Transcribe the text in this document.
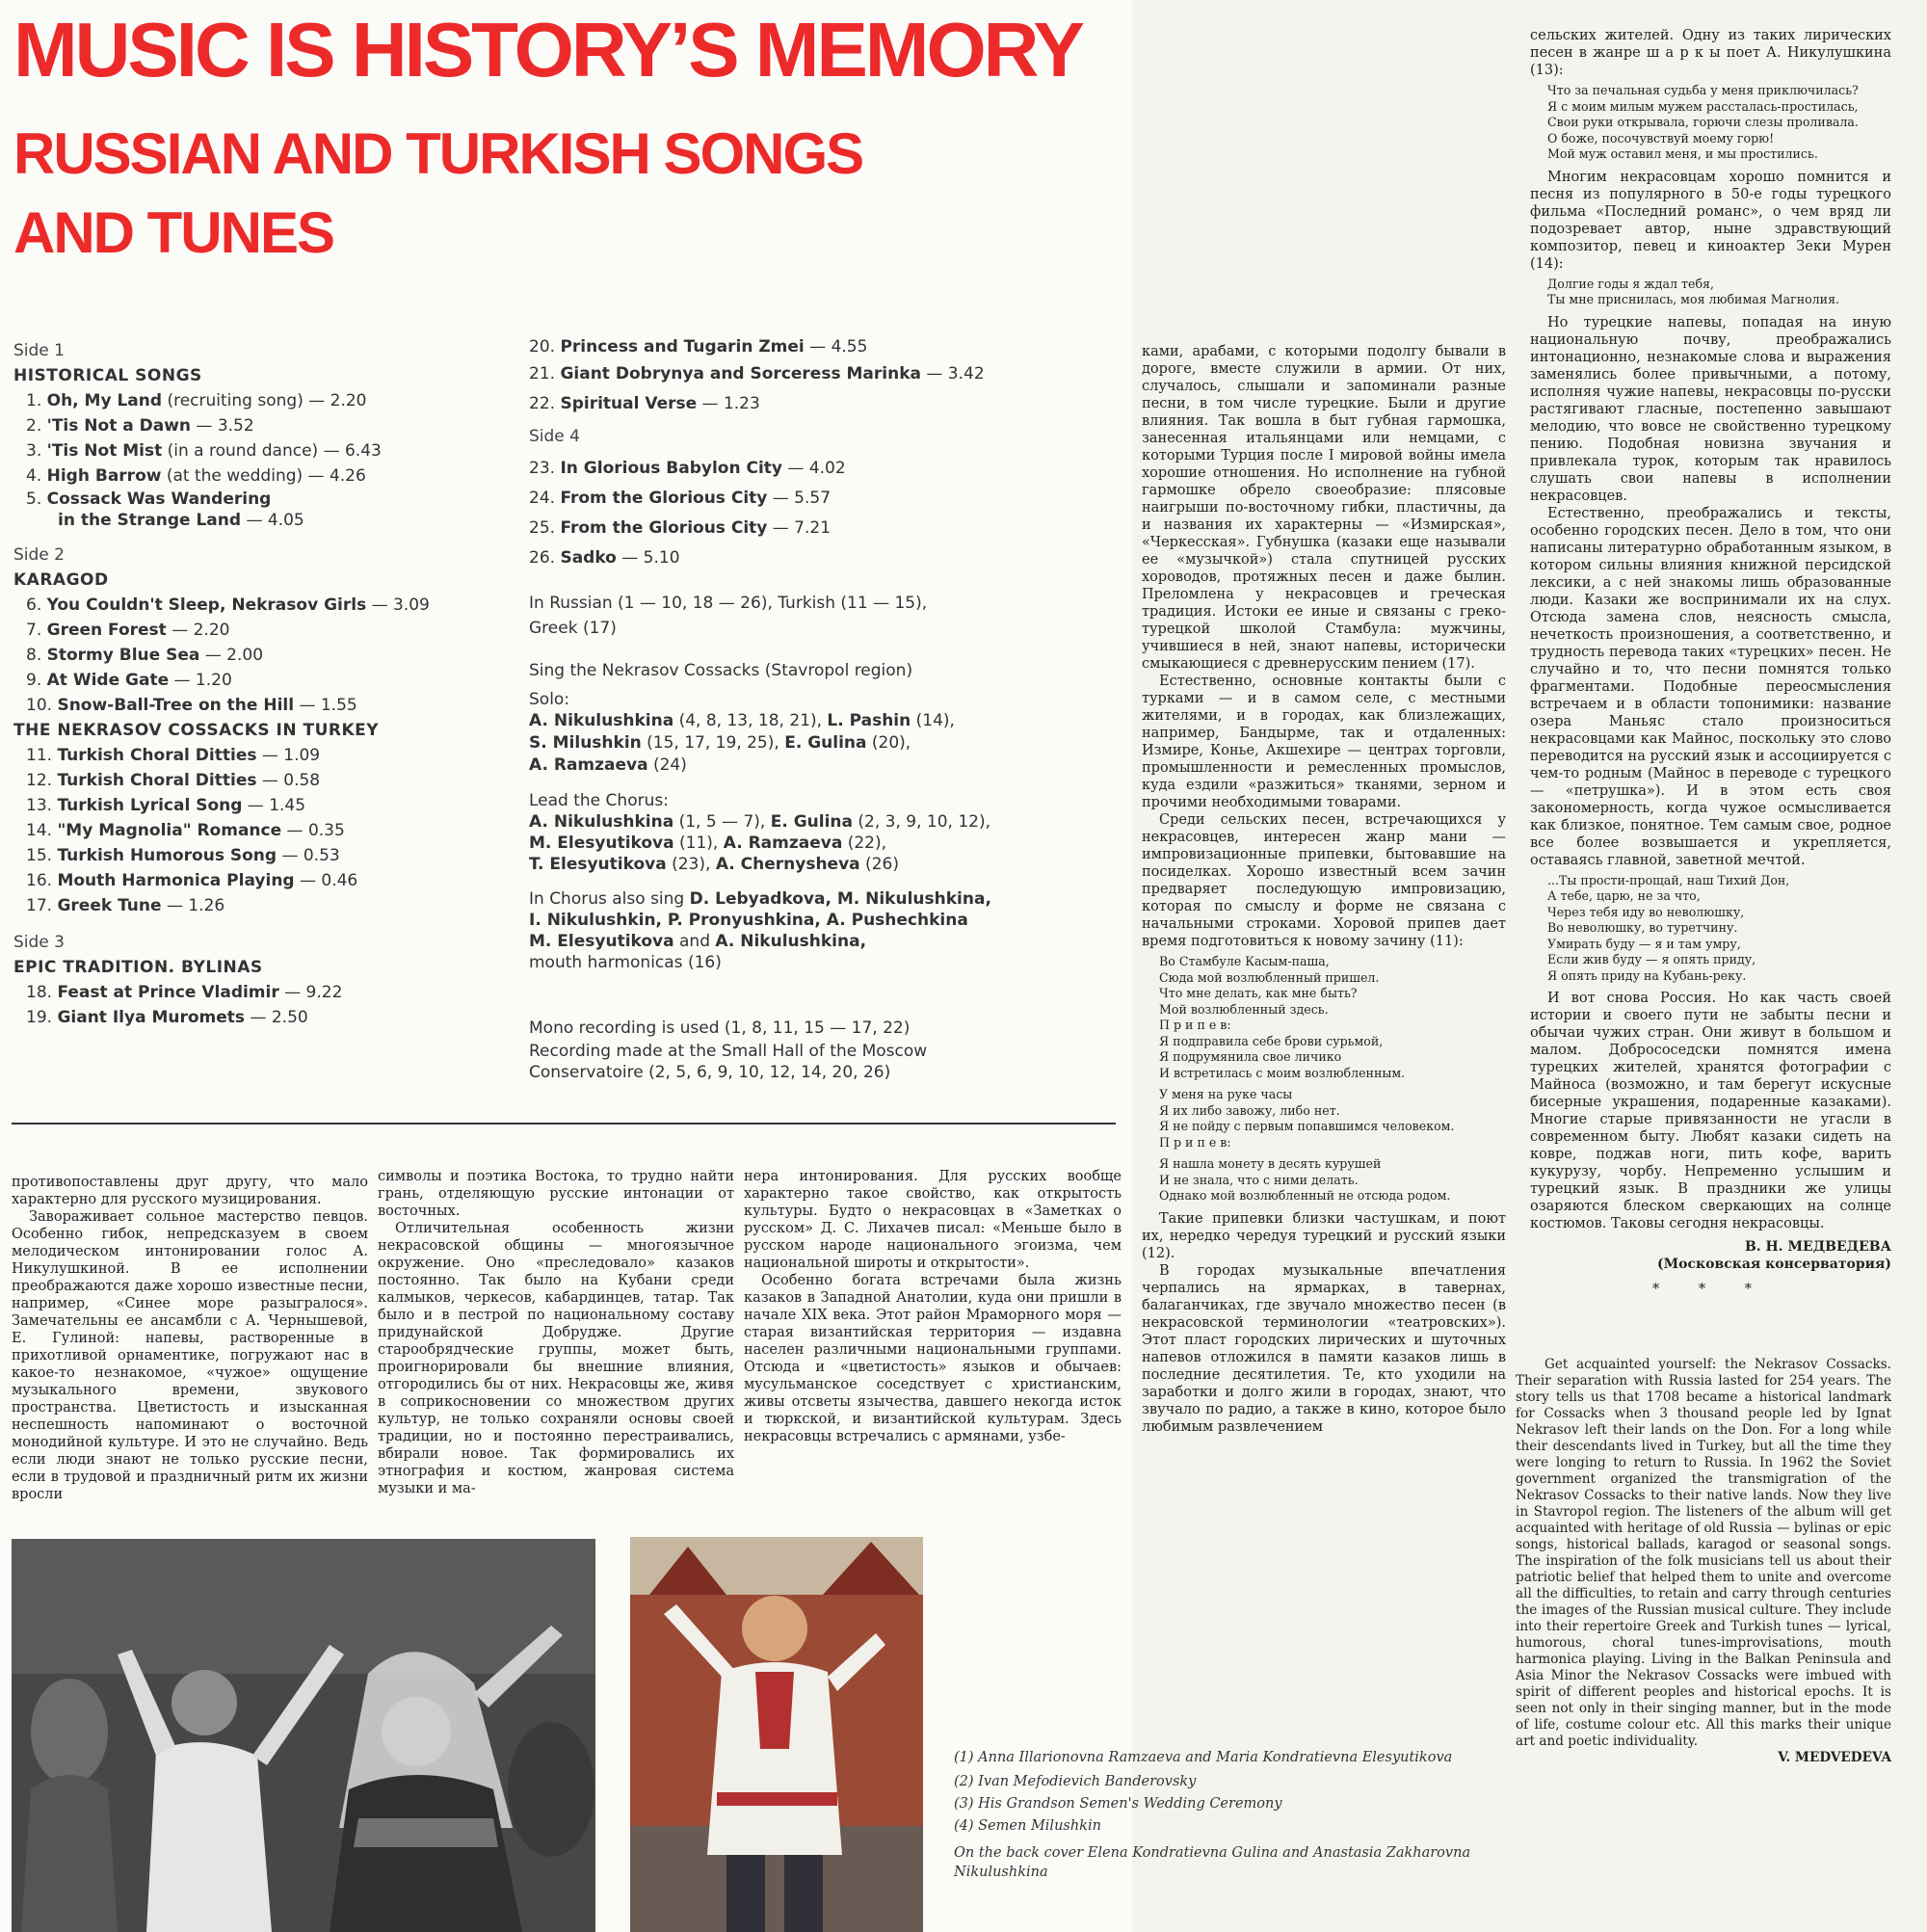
MUSIC IS HISTORY’S MEMORY
RUSSIAN AND TURKISH SONGS
AND TUNES
Side 1
HISTORICAL SONGS
1. Oh, My Land (recruiting song) — 2.20
2. 'Tis Not a Dawn — 3.52
3. 'Tis Not Mist (in a round dance) — 6.43
4. High Barrow (at the wedding) — 4.26
5. Cossack Was Wandering
in the Strange Land — 4.05
Side 2
KARAGOD
6. You Couldn't Sleep, Nekrasov Girls — 3.09
7. Green Forest — 2.20
8. Stormy Blue Sea — 2.00
9. At Wide Gate — 1.20
10. Snow-Ball-Tree on the Hill — 1.55
THE NEKRASOV COSSACKS IN TURKEY
11. Turkish Choral Ditties — 1.09
12. Turkish Choral Ditties — 0.58
13. Turkish Lyrical Song — 1.45
14. "My Magnolia" Romance — 0.35
15. Turkish Humorous Song — 0.53
16. Mouth Harmonica Playing — 0.46
17. Greek Tune — 1.26
Side 3
EPIC TRADITION. BYLINAS
18. Feast at Prince Vladimir — 9.22
19. Giant Ilya Muromets — 2.50
20. Princess and Tugarin Zmei — 4.55
21. Giant Dobrynya and Sorceress Marinka — 3.42
22. Spiritual Verse — 1.23
Side 4
23. In Glorious Babylon City — 4.02
24. From the Glorious City — 5.57
25. From the Glorious City — 7.21
26. Sadko — 5.10
In Russian (1 — 10, 18 — 26), Turkish (11 — 15),
Greek (17)
Sing the Nekrasov Cossacks (Stavropol region)
Solo:
A. Nikulushkina (4, 8, 13, 18, 21), L. Pashin (14),
S. Milushkin (15, 17, 19, 25), E. Gulina (20),
A. Ramzaeva (24)
Lead the Chorus:
A. Nikulushkina (1, 5 — 7), E. Gulina (2, 3, 9, 10, 12),
M. Elesyutikova (11), A. Ramzaeva (22),
T. Elesyutikova (23), A. Chernysheva (26)
In Chorus also sing D. Lebyadkova, M. Nikulushkina,
I. Nikulushkin, P. Pronyushkina, A. Pushechkina
M. Elesyutikova and A. Nikulushkina,
mouth harmonicas (16)
Mono recording is used (1, 8, 11, 15 — 17, 22)
Recording made at the Small Hall of the Moscow
Conservatoire (2, 5, 6, 9, 10, 12, 14, 20, 26)

противопоставлены друг другу, что мало характерно для русского музицирования.

Завораживает сольное мастерство певцов. Особенно гибок, непредсказуем в своем мелодическом интонировании голос А. Никулушкиной. В ее исполнении преображаются даже хорошо известные песни, например, «Синее море разыгралося». Замечательны ее ансамбли с А. Чернышевой, Е. Гулиной: напевы, растворенные в прихотливой орнаментике, погружают нас в какое-то незнакомое, «чужое» ощущение музыкального времени, звукового пространства. Цветистость и изысканная неспешность напоминают о восточной монодийной культуре. И это не случайно. Ведь если люди знают не только русские песни, если в трудовой и праздничный ритм их жизни вросли

символы и поэтика Востока, то трудно найти грань, отделяющую русские интонации от восточных.

Отличительная особенность жизни некрасовской общины — многоязычное окружение. Оно «преследовало» казаков постоянно. Так было на Кубани среди калмыков, черкесов, кабардинцев, татар. Так было и в пестрой по национальному составу придунайской Добрудже. Другие старообрядческие группы, может быть, проигнорировали бы внешние влияния, отгородились бы от них. Некрасовцы же, живя в соприкосновении со множеством других культур, не только сохраняли основы своей традиции, но и постоянно перестраивались, вбирали новое. Так формировались их этнография и костюм, жанровая система музыки и ма-

нера интонирования. Для русских вообще характерно такое свойство, как открытость культуры. Будто о некрасовцах в «Заметках о русском» Д. С. Лихачев писал: «Меньше было в русском народе национального эгоизма, чем национальной широты и открытости».

Особенно богата встречами была жизнь казаков в Западной Анатолии, куда они пришли в начале XIX века. Этот район Мраморного моря — старая византийская территория — издавна населен различными национальными группами. Отсюда и «цветистость» языков и обычаев: мусульманское соседствует с христианским, живы отсветы язычества, давшего некогда исток и тюркской, и византийской культурам. Здесь некрасовцы встречались с армянами, узбе-

ками, арабами, с которыми подолгу бывали в дороге, вместе служили в армии. От них, случалось, слышали и запоминали разные песни, в том числе турецкие. Были и другие влияния. Так вошла в быт губная гармошка, занесенная итальянцами или немцами, с которыми Турция после I мировой войны имела хорошие отношения. Но исполнение на губной гармошке обрело своеобразие: плясовые наигрыши по-восточному гибки, пластичны, да и названия их характерны — «Измирская», «Черкесская». Губнушка (казаки еще называли ее «музычкой») стала спутницей русских хороводов, протяжных песен и даже былин. Преломлена у некрасовцев и греческая традиция. Истоки ее иные и связаны с греко-турецкой школой Стамбула: мужчины, учившиеся в ней, знают напевы, исторически смыкающиеся с древнерусским пением (17).

Естественно, основные контакты были с турками — и в самом селе, с местными жителями, и в городах, как близлежащих, например, Бандырме, так и отдаленных: Измире, Конье, Акшехире — центрах торговли, промышленности и ремесленных промыслов, куда ездили «разжиться» тканями, зерном и прочими необходимыми товарами.

Среди сельских песен, встречающихся у некрасовцев, интересен жанр мани — импровизационные припевки, бытовавшие на посиделках. Хорошо известный всем зачин предваряет последующую импровизацию, которая по смыслу и форме не связана с начальными строками. Хоровой припев дает время подготовиться к новому зачину (11):

Во Стамбуле Касым-паша,
Сюда мой возлюбленный пришел.
Что мне делать, как мне быть?
Мой возлюбленный здесь.
П р и п е в:
Я подправила себе брови сурьмой,
Я подрумянила свое личико
И встретилась с моим возлюбленным.
У меня на руке часы
Я их либо завожу, либо нет.
Я не пойду с первым попавшимся человеком.
П р и п е в:
Я нашла монету в десять курушей
И не знала, что с ними делать.
Однако мой возлюбленный не отсюда родом.

Такие припевки близки частушкам, и поют их, нередко чередуя турецкий и русский языки (12).

В городах музыкальные впечатления черпались на ярмарках, в тавернах, балаганчиках, где звучало множество песен (в некрасовской терминологии «театровских»). Этот пласт городских лирических и шуточных напевов отложился в памяти казаков лишь в последние десятилетия. Те, кто уходили на заработки и долго жили в городах, знают, что звучало по радио, а также в кино, которое было любимым развлечением

сельских жителей. Одну из таких лирических песен в жанре ш а р к ы поет А. Никулушкина (13):

Что за печальная судьба у меня приключилась?
Я с моим милым мужем рассталась-простилась,
Свои руки открывала, горючи слезы проливала.
О боже, посочувствуй моему горю!
Мой муж оставил меня, и мы простились.

Многим некрасовцам хорошо помнится и песня из популярного в 50-е годы турецкого фильма «Последний романс», о чем вряд ли подозревает автор, ныне здравствующий композитор, певец и киноактер Зеки Мурен (14):

Долгие годы я ждал тебя,
Ты мне приснилась, моя любимая Магнолия.

Но турецкие напевы, попадая на иную национальную почву, преображались интонационно, незнакомые слова и выражения заменялись более привычными, а потому, исполняя чужие напевы, некрасовцы по-русски растягивают гласные, постепенно завышают мелодию, что вовсе не свойственно турецкому пению. Подобная новизна звучания и привлекала турок, которым так нравилось слушать свои напевы в исполнении некрасовцев.

Естественно, преображались и тексты, особенно городских песен. Дело в том, что они написаны литературно обработанным языком, в котором сильны влияния книжной персидской лексики, а с ней знакомы лишь образованные люди. Казаки же воспринимали их на слух. Отсюда замена слов, неясность смысла, нечеткость произношения, а соответственно, и трудность перевода таких «турецких» песен. Не случайно и то, что песни помнятся только фрагментами. Подобные переосмысления встречаем и в области топонимики: название озера Маньяс стало произноситься некрасовцами как Майнос, поскольку это слово переводится на русский язык и ассоциируется с чем-то родным (Майнос в переводе с турецкого — «петрушка»). И в этом есть своя закономерность, когда чужое осмысливается как близкое, понятное. Тем самым свое, родное все более возвышается и укрепляется, оставаясь главной, заветной мечтой.

...Ты прости-прощай, наш Тихий Дон,
А тебе, царю, не за что,
Через тебя иду во неволюшку,
Во неволюшку, во туретчину.
Умирать буду — я и там умру,
Если жив буду — я опять приду,
Я опять приду на Кубань-реку.

И вот снова Россия. Но как часть своей истории и своего пути не забыты песни и обычаи чужих стран. Они живут в большом и малом. Добрососедски помнятся имена турецких жителей, хранятся фотографии с Майноса (возможно, и там берегут искусные бисерные украшения, подаренные казаками). Многие старые привязанности не угасли в современном быту. Любят казаки сидеть на ковре, поджав ноги, пить кофе, варить кукурузу, чорбу. Непременно услышим и турецкий язык. В праздники же улицы озаряются блеском сверкающих на солнце костюмов. Таковы сегодня некрасовцы.

В. Н. МЕДВЕДЕВА
(Московская консерватория)
* * *

Get acquainted yourself: the Nekrasov Cossacks. Their separation with Russia lasted for 254 years. The story tells us that 1708 became a historical landmark for Cossacks when 3 thousand people led by Ignat Nekrasov left their lands on the Don. For a long while their descendants lived in Turkey, but all the time they were longing to return to Russia. In 1962 the Soviet government organized the transmigration of the Nekrasov Cossacks to their native lands. Now they live in Stavropol region. The listeners of the album will get acquainted with heritage of old Russia — bylinas or epic songs, historical ballads, karagod or seasonal songs. The inspiration of the folk musicians tell us about their patriotic belief that helped them to unite and overcome all the difficulties, to retain and carry through centuries the images of the Russian musical culture. They include into their repertoire Greek and Turkish tunes — lyrical, humorous, choral tunes-improvisations, mouth harmonica playing. Living in the Balkan Peninsula and Asia Minor the Nekrasov Cossacks were imbued with spirit of different peoples and historical epochs. It is seen not only in their singing manner, but in the mode of life, costume colour etc. All this marks their unique art and poetic individuality.

V. MEDVEDEVA
(1) Anna Illarionovna Ramzaeva and Maria Kondratievna Elesyutikova
(2) Ivan Mefodievich Banderovsky
(3) His Grandson Semen's Wedding Ceremony
(4) Semen Milushkin
On the back cover Elena Kondratievna Gulina and Anastasia Zakharovna Nikulushkina
